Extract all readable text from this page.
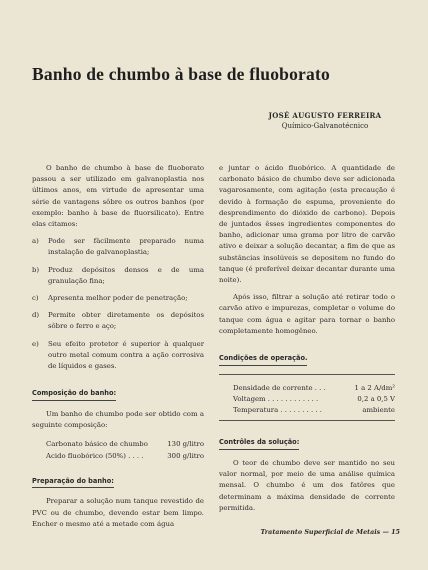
Banho de chumbo à base de fluoborato
JOSÉ AUGUSTO FERREIRA
Químico-Galvanotécnico

O banho de chumbo à base de fluoborato passou a ser utilizado em galvanoplastia nos últimos anos, em virtude de apresentar uma série de vantagens sôbre os outros banhos (por exemplo: banho à base de fluorsilicato). Entre elas citamos:

a)	Pode ser fàcilmente preparado numa instalação de galvanoplastia;
b)	Produz depósitos densos e de uma granulação fina;
c)	Apresenta melhor poder de penetração;
d)	Permite obter diretamente os depósitos sôbre o ferro e aço;
e)	Seu efeito protetor é superior à qualquer outro metal comum contra a ação corrosiva de líquidos e gases.
Composição do banho:

Um banho de chumbo pode ser obtido com a seguinte composição:

Carbonato básico de chumbo	130 g/litro
Acido fluobórico (50%) . . . .	300 g/litro
Preparação do banho:

Preparar a solução num tanque revestido de PVC ou de chumbo, devendo estar bem limpo. Encher o mesmo até a metade com água

e juntar o ácido fluobórico. A quantidade de carbonato básico de chumbo deve ser adicionada vagarosamente, com agitação (esta precaução é devido à formação de espuma, proveniente do desprendimento do dióxido de carbono). Depois de juntados êsses ingredientes componentes do banho, adicionar uma grama por litro de carvão ativo e deixar a solução decantar, a fim de que as substâncias insolúveis se depositem no fundo do tanque (é preferível deixar decantar durante uma noite).

Após isso, filtrar a solução até retirar todo o carvão ativo e impurezas, completar o volume do tanque com água e agitar para tornar o banho completamente homogêneo.

Condições de operação.
Densidade de corrente . . .	1 a 2 A/dm²
Voltagem . . . . . . . . . . . .	0,2 a 0,5 V
Temperatura . . . . . . . . . .	ambiente
Contrôles da solução:

O teor de chumbo deve ser mantido no seu valor normal, por meio de uma análise química mensal. O chumbo é um dos fatôres que determinam a máxima densidade de corrente permitida.

Tratamento Superficial de Metais — 15
